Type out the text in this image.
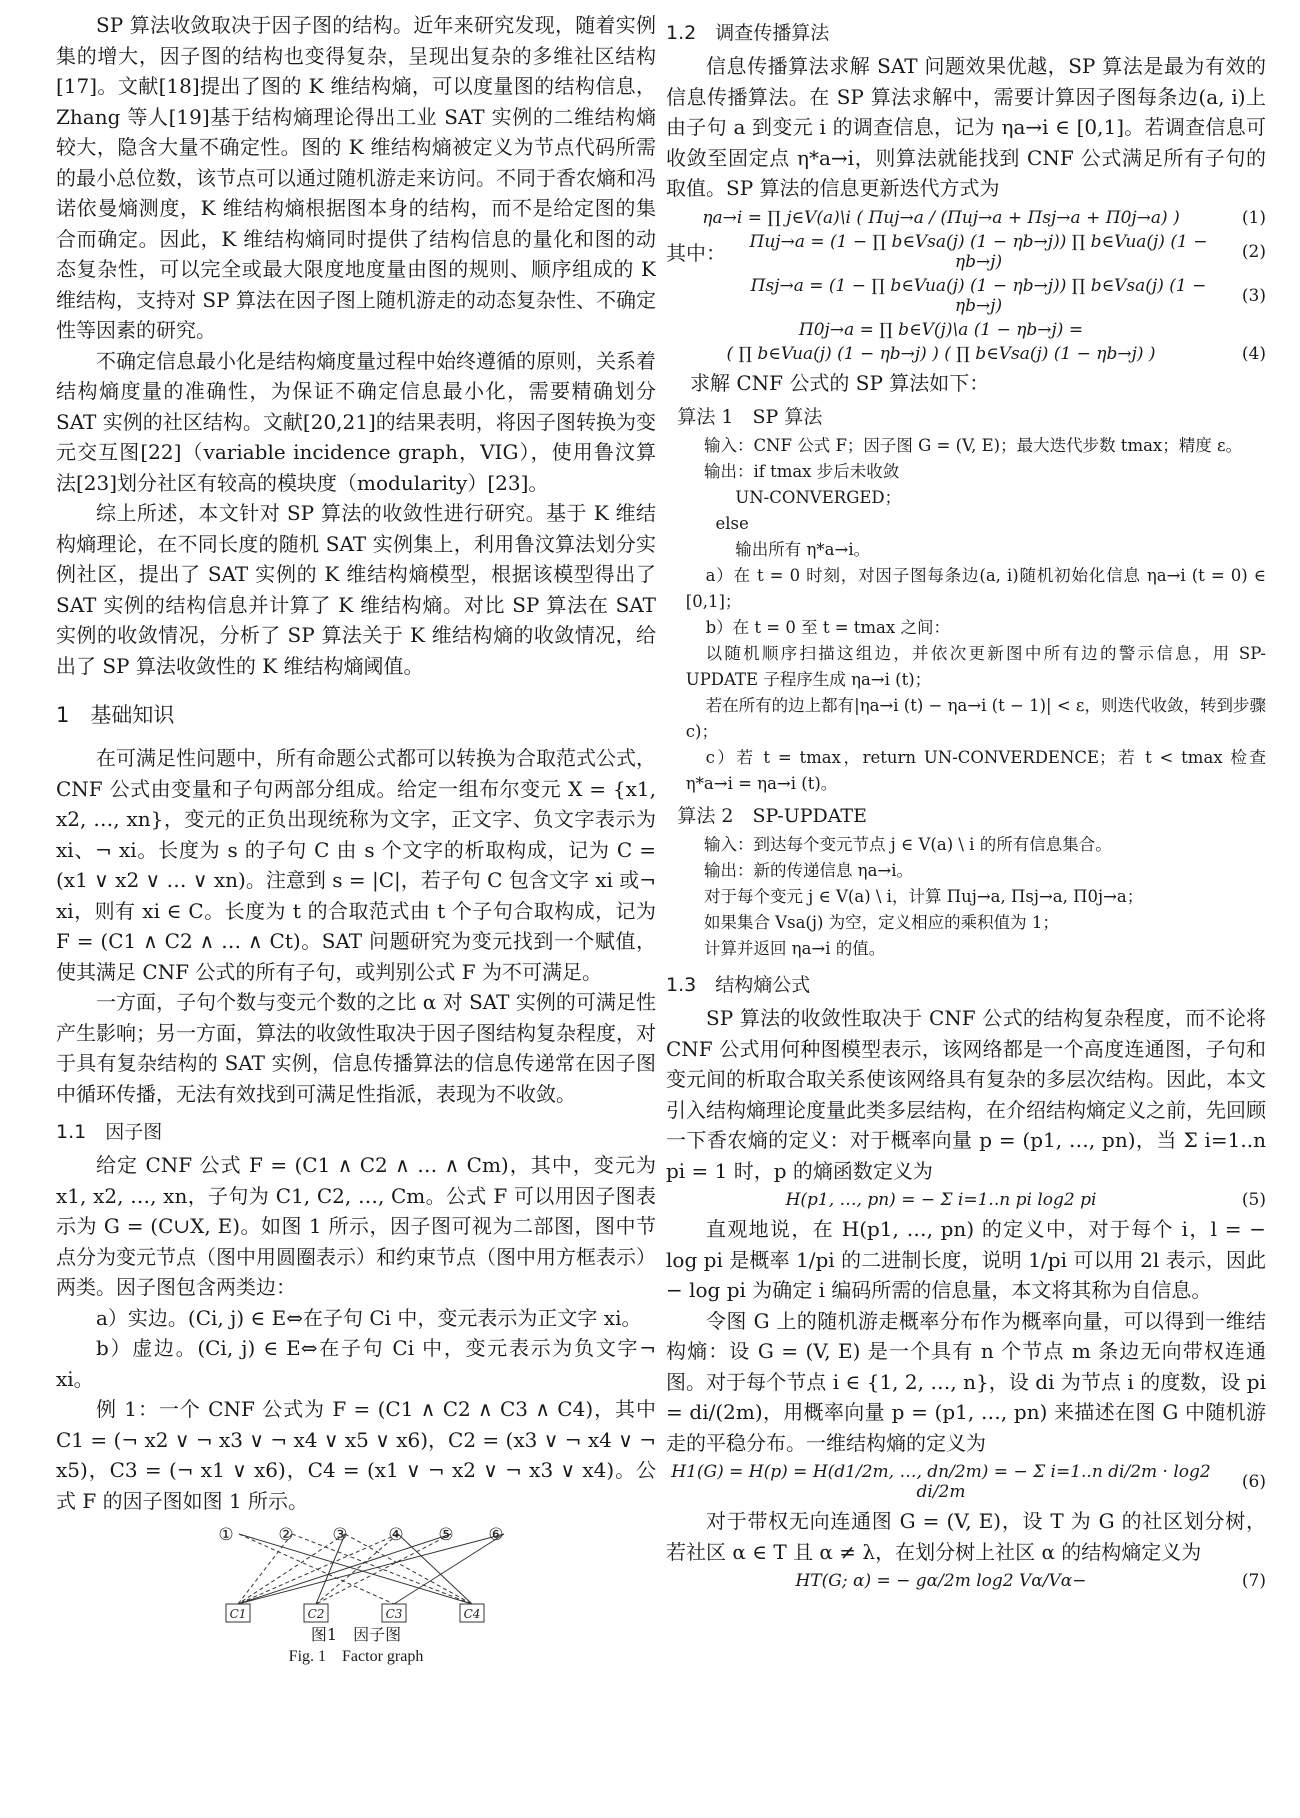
SP 算法收敛取决于因子图的结构。近年来研究发现，随着实例集的增大，因子图的结构也变得复杂，呈现出复杂的多维社区结构[17]。文献[18]提出了图的 K 维结构熵，可以度量图的结构信息，Zhang 等人[19]基于结构熵理论得出工业 SAT 实例的二维结构熵较大，隐含大量不确定性。图的 K 维结构熵被定义为节点代码所需的最小总位数，该节点可以通过随机游走来访问。不同于香农熵和冯诺依曼熵测度，K 维结构熵根据图本身的结构，而不是给定图的集合而确定。因此，K 维结构熵同时提供了结构信息的量化和图的动态复杂性，可以完全或最大限度地度量由图的规则、顺序组成的 K 维结构，支持对 SP 算法在因子图上随机游走的动态复杂性、不确定性等因素的研究。

不确定信息最小化是结构熵度量过程中始终遵循的原则，关系着结构熵度量的准确性，为保证不确定信息最小化，需要精确划分 SAT 实例的社区结构。文献[20,21]的结果表明，将因子图转换为变元交互图[22]（variable incidence graph，VIG），使用鲁汶算法[23]划分社区有较高的模块度（modularity）[23]。

综上所述，本文针对 SP 算法的收敛性进行研究。基于 K 维结构熵理论，在不同长度的随机 SAT 实例集上，利用鲁汶算法划分实例社区，提出了 SAT 实例的 K 维结构熵模型，根据该模型得出了 SAT 实例的结构信息并计算了 K 维结构熵。对比 SP 算法在 SAT 实例的收敛情况，分析了 SP 算法关于 K 维结构熵的收敛情况，给出了 SP 算法收敛性的 K 维结构熵阈值。

1　基础知识

在可满足性问题中，所有命题公式都可以转换为合取范式公式，CNF 公式由变量和子句两部分组成。给定一组布尔变元 X = {x1, x2, …, xn}，变元的正负出现统称为文字，正文字、负文字表示为 xi、¬ xi。长度为 s 的子句 C 由 s 个文字的析取构成，记为 C = (x1 ∨ x2 ∨ … ∨ xn)。注意到 s = |C|，若子句 C 包含文字 xi 或¬ xi，则有 xi ∈ C。长度为 t 的合取范式由 t 个子句合取构成，记为 F = (C1 ∧ C2 ∧ … ∧ Ct)。SAT 问题研究为变元找到一个赋值，使其满足 CNF 公式的所有子句，或判别公式 F 为不可满足。

一方面，子句个数与变元个数的之比 α 对 SAT 实例的可满足性产生影响；另一方面，算法的收敛性取决于因子图结构复杂程度，对于具有复杂结构的 SAT 实例，信息传播算法的信息传递常在因子图中循环传播，无法有效找到可满足性指派，表现为不收敛。

1.1　因子图

给定 CNF 公式 F = (C1 ∧ C2 ∧ … ∧ Cm)，其中，变元为 x1, x2, …, xn，子句为 C1, C2, …, Cm。公式 F 可以用因子图表示为 G = (C∪X, E)。如图 1 所示，因子图可视为二部图，图中节点分为变元节点（图中用圆圈表示）和约束节点（图中用方框表示）两类。因子图包含两类边：

a）实边。(Ci, j) ∈ E⇔在子句 Ci 中，变元表示为正文字 xi。

b）虚边。(Ci, j) ∈ E⇔在子句 Ci 中，变元表示为负文字¬ xi。

例 1：一个 CNF 公式为 F = (C1 ∧ C2 ∧ C3 ∧ C4)，其中 C1 = (¬ x2 ∨ ¬ x3 ∨ ¬ x4 ∨ x5 ∨ x6)，C2 = (x3 ∨ ¬ x4 ∨ ¬ x5)，C3 = (¬ x1 ∨ x6)，C4 = (x1 ∨ ¬ x2 ∨ ¬ x3 ∨ x4)。公式 F 的因子图如图 1 所示。

①	② ③ ④ ⑤ ⑥
C1	C2	C3	C4
图1　因子图
Fig. 1　Factor graph
1.2　调查传播算法

信息传播算法求解 SAT 问题效果优越，SP 算法是最为有效的信息传播算法。在 SP 算法求解中，需要计算因子图每条边(a, i)上由子句 a 到变元 i 的调查信息，记为 ηa→i ∈ [0,1]。若调查信息可收敛至固定点 η*a→i，则算法就能找到 CNF 公式满足所有子句的取值。SP 算法的信息更新迭代方式为

ηa→i = ∏ j∈V(a)\i ( Πuj→a / (Πuj→a + Πsj→a + Π0j→a) )	(1)
其中：	Πuj→a = (1 − ∏ b∈Vsa(j) (1 − ηb→j)) ∏ b∈Vua(j) (1 − ηb→j)	(2)
Πsj→a = (1 − ∏ b∈Vua(j) (1 − ηb→j)) ∏ b∈Vsa(j) (1 − ηb→j)	(3)
Π0j→a = ∏ b∈V(j)\a (1 − ηb→j) =
( ∏ b∈Vua(j) (1 − ηb→j) ) ( ∏ b∈Vsa(j) (1 − ηb→j) )	(4)

求解 CNF 公式的 SP 算法如下：

算法 1　SP 算法
输入：CNF 公式 F；因子图 G = (V, E)；最大迭代步数 tmax；精度 ε。
输出：if tmax 步后未收敛
UN-CONVERGED；
else
输出所有 η*a→i。
a）在 t = 0 时刻，对因子图每条边(a, i)随机初始化信息 ηa→i (t = 0) ∈ [0,1]；
b）在 t = 0 至 t = tmax 之间：
以随机顺序扫描这组边，并依次更新图中所有边的警示信息，用 SP-UPDATE 子程序生成 ηa→i (t)；
若在所有的边上都有|ηa→i (t) − ηa→i (t − 1)| < ε，则迭代收敛，转到步骤 c)；
c）若 t = tmax，return UN-CONVERDENCE；若 t < tmax 检查 η*a→i = ηa→i (t)。
算法 2　SP-UPDATE
输入：到达每个变元节点 j ∈ V(a) \ i 的所有信息集合。
输出：新的传递信息 ηa→i。
对于每个变元 j ∈ V(a) \ i，计算 Πuj→a, Πsj→a, Π0j→a；
如果集合 Vsa(j) 为空，定义相应的乘积值为 1；
计算并返回 ηa→i 的值。
1.3　结构熵公式

SP 算法的收敛性取决于 CNF 公式的结构复杂程度，而不论将 CNF 公式用何种图模型表示，该网络都是一个高度连通图，子句和变元间的析取合取关系使该网络具有复杂的多层次结构。因此，本文引入结构熵理论度量此类多层结构，在介绍结构熵定义之前，先回顾一下香农熵的定义：对于概率向量 p = (p1, …, pn)，当 Σ i=1..n pi = 1 时，p 的熵函数定义为

H(p1, …, pn) = − Σ i=1..n pi log2 pi	(5)

直观地说，在 H(p1, …, pn) 的定义中，对于每个 i，l = − log pi 是概率 1/pi 的二进制长度，说明 1/pi 可以用 2l 表示，因此 − log pi 为确定 i 编码所需的信息量，本文将其称为自信息。

令图 G 上的随机游走概率分布作为概率向量，可以得到一维结构熵：设 G = (V, E) 是一个具有 n 个节点 m 条边无向带权连通图。对于每个节点 i ∈ {1, 2, …, n}，设 di 为节点 i 的度数，设 pi = di/(2m)，用概率向量 p = (p1, …, pn) 来描述在图 G 中随机游走的平稳分布。一维结构熵的定义为

H1(G) = H(p) = H(d1/2m, …, dn/2m) = − Σ i=1..n di/2m · log2 di/2m	(6)

对于带权无向连通图 G = (V, E)，设 T 为 G 的社区划分树，若社区 α ∈ T 且 α ≠ λ，在划分树上社区 α 的结构熵定义为

HT(G; α) = − gα/2m log2 Vα/Vα−	(7)
